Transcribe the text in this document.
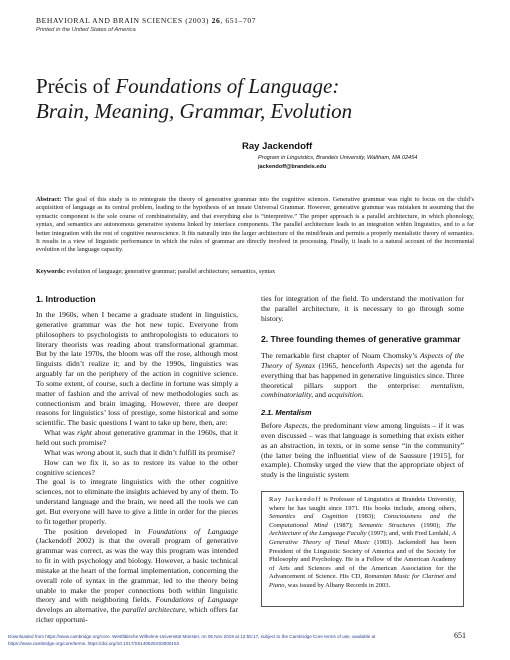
BEHAVIORAL AND BRAIN SCIENCES (2003) 26, 651–707
Printed in the United States of America
Précis of Foundations of Language:
Brain, Meaning, Grammar, Evolution
Ray Jackendoff
Program in Linguistics, Brandeis University, Waltham, MA 02454
jackendoff@brandeis.edu
Abstract: The goal of this study is to reintegrate the theory of generative grammar into the cognitive sciences. Generative grammar was right to focus on the child’s acquisition of language as its central problem, leading to the hypothesis of an innate Universal Grammar. However, generative grammar was mistaken in assuming that the syntactic component is the sole course of combinatoriality, and that everything else is “interpretive.” The proper approach is a parallel architecture, in which phonology, syntax, and semantics are autonomous generative systems linked by interface components. The parallel architecture leads to an integration within linguistics, and to a far better integration with the rest of cognitive neuroscience. It fits naturally into the larger architecture of the mind/brain and permits a properly mentalistic theory of semantics. It results in a view of linguistic performance in which the rules of grammar are directly involved in processing. Finally, it leads to a natural account of the incremental evolution of the language capacity.
Keywords: evolution of language; generative grammar; parallel architecture; semantics, syntax
1. Introduction

In the 1960s, when I became a graduate student in linguistics, generative grammar was the hot new topic. Everyone from philosophers to psychologists to anthropologists to educators to literary theorists was reading about transformational grammar. But by the late 1970s, the bloom was off the rose, although most linguists didn’t realize it; and by the 1990s, linguistics was arguably far on the periphery of the action in cognitive science. To some extent, of course, such a decline in fortune was simply a matter of fashion and the arrival of new methodologies such as connectionism and brain imaging. However, there are deeper reasons for linguistics’ loss of prestige, some historical and some scientific. The basic questions I want to take up here, then, are:

What was right about generative grammar in the 1960s, that it held out such promise?

What was wrong about it, such that it didn’t fulfill its promise?

How can we fix it, so as to restore its value to the other cognitive sciences?

The goal is to integrate linguistics with the other cognitive sciences, not to eliminate the insights achieved by any of them. To understand language and the brain, we need all the tools we can get. But everyone will have to give a little in order for the pieces to fit together properly.

The position developed in Foundations of Language (Jackendoff 2002) is that the overall program of generative grammar was correct, as was the way this program was intended to fit in with psychology and biology. However, a basic technical mistake at the heart of the formal implementation, concerning the overall role of syntax in the grammar, led to the theory being unable to make the proper connections both within linguistic theory and with neighboring fields. Foundations of Language develops an alternative, the parallel architecture, which offers far richer opportuni-

ties for integration of the field. To understand the motivation for the parallel architecture, it is necessary to go through some history.

2. Three founding themes of generative grammar

The remarkable first chapter of Noam Chomsky’s Aspects of the Theory of Syntax (1965, henceforth Aspects) set the agenda for everything that has happened in generative linguistics since. Three theoretical pillars support the enterprise: mentalism, combinatoriality, and acquisition.

2.1. Mentalism

Before Aspects, the predominant view among linguists – if it was even discussed – was that language is something that exists either as an abstraction, in texts, or in some sense “in the community” (the latter being the influential view of de Saussure [1915], for example). Chomsky urged the view that the appropriate object of study is the linguistic system

Ray Jackendoff is Professor of Linguistics at Brandeis University, where he has taught since 1971. His books include, among others, Semantics and Cognition (1983); Consciousness and the Computational Mind (1987); Semantic Structures (1990); The Architecture of the Language Faculty (1997); and, with Fred Lerdahl, A Generative Theory of Tonal Music (1983). Jackendoff has been President of the Linguistic Society of America and of the Society for Philosophy and Psychology. He is a Fellow of the American Academy of Arts and Sciences and of the American Association for the Advancement of Science. His CD, Romanian Music for Clarinet and Piano, was issued by Albany Records in 2003.
651
Downloaded from https://www.cambridge.org/core. Westfälische Wilhelms-Universität Münster, on 05 Nov 2019 at 12:55:17, subject to the Cambridge Core terms of use, available at
https://www.cambridge.org/core/terms. https://doi.org/10.1017/S0140525X03000153
